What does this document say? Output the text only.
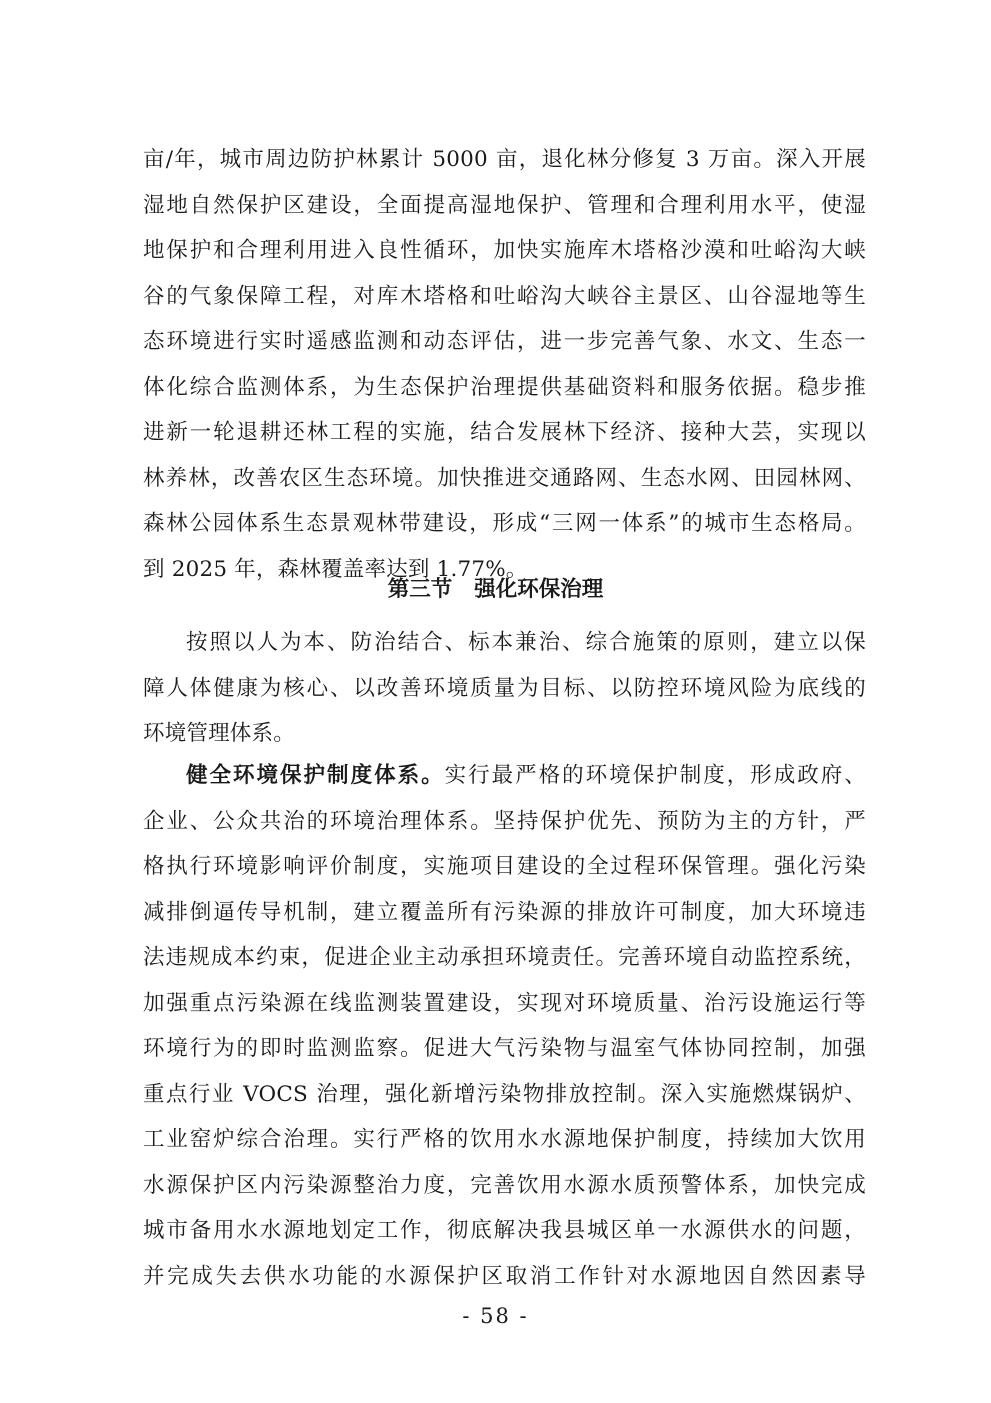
亩/年，城市周边防护林累计 5000 亩，退化林分修复 3 万亩。深入开展
湿地自然保护区建设，全面提高湿地保护、管理和合理利用水平，使湿
地保护和合理利用进入良性循环，加快实施库木塔格沙漠和吐峪沟大峡
谷的气象保障工程，对库木塔格和吐峪沟大峡谷主景区、山谷湿地等生
态环境进行实时遥感监测和动态评估，进一步完善气象、水文、生态一
体化综合监测体系，为生态保护治理提供基础资料和服务依据。稳步推
进新一轮退耕还林工程的实施，结合发展林下经济、接种大芸，实现以
林养林，改善农区生态环境。加快推进交通路网、生态水网、田园林网、
森林公园体系生态景观林带建设，形成“三网一体系”的城市生态格局。
到 2025 年，森林覆盖率达到 1.77%。
第三节 强化环保治理
按照以人为本、防治结合、标本兼治、综合施策的原则，建立以保
障人体健康为核心、以改善环境质量为目标、以防控环境风险为底线的
环境管理体系。
健全环境保护制度体系。实行最严格的环境保护制度，形成政府、
企业、公众共治的环境治理体系。坚持保护优先、预防为主的方针，严
格执行环境影响评价制度，实施项目建设的全过程环保管理。强化污染
减排倒逼传导机制，建立覆盖所有污染源的排放许可制度，加大环境违
法违规成本约束，促进企业主动承担环境责任。完善环境自动监控系统，
加强重点污染源在线监测装置建设，实现对环境质量、治污设施运行等
环境行为的即时监测监察。促进大气污染物与温室气体协同控制，加强
重点行业 VOCS 治理，强化新增污染物排放控制。深入实施燃煤锅炉、
工业窑炉综合治理。实行严格的饮用水水源地保护制度，持续加大饮用
水源保护区内污染源整治力度，完善饮用水源水质预警体系，加快完成
城市备用水水源地划定工作，彻底解决我县城区单一水源供水的问题，
并完成失去供水功能的水源保护区取消工作针对水源地因自然因素导
- 58 -
